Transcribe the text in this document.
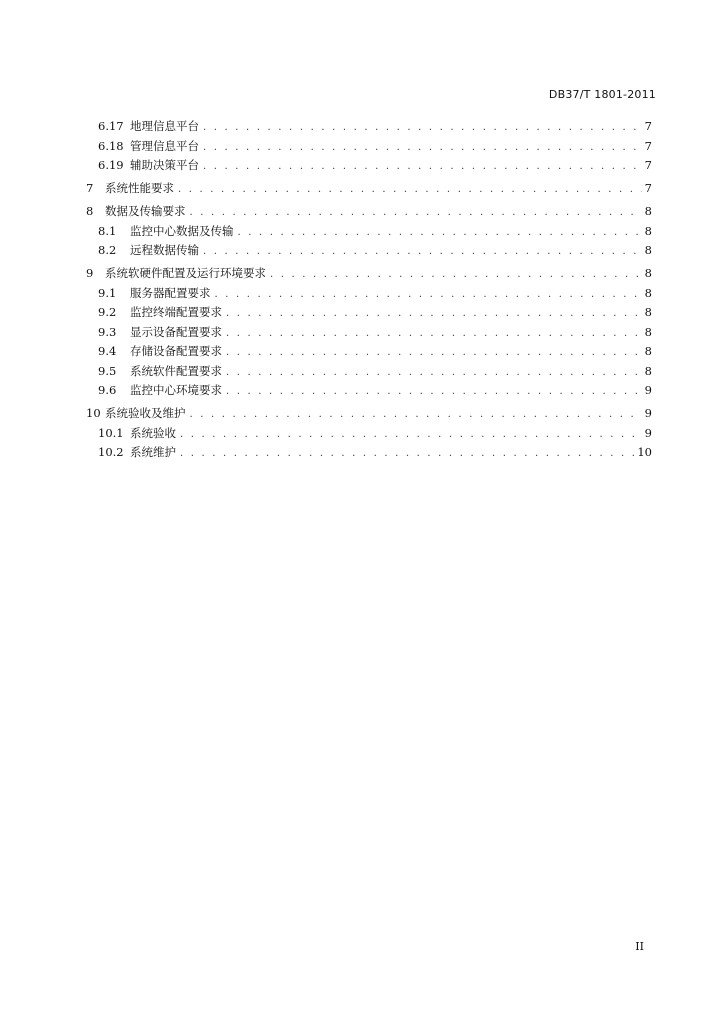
DB37/T 1801-2011
6.17 地理信息平台 . . .	7
6.18 管理信息平台 . . .	7
6.19 辅助决策平台 . . .	7
7	系统性能要求 . . .	7
8	数据及传输要求 . . .	8
8.1	监控中心数据及传输 . . .	8
8.2	远程数据传输 . . .	8
9	系统软硬件配置及运行环境要求 . . .	8
9.1	服务器配置要求 . . .	8
9.2	监控终端配置要求 . . .	8
9.3	显示设备配置要求 . . .	8
9.4	存储设备配置要求 . . .	8
9.5	系统软件配置要求 . . .	8
9.6	监控中心环境要求 . . .	9
10 系统验收及维护 . . .	9
10.1 系统验收 . . .	9
10.2 系统维护 . . .	10
II
